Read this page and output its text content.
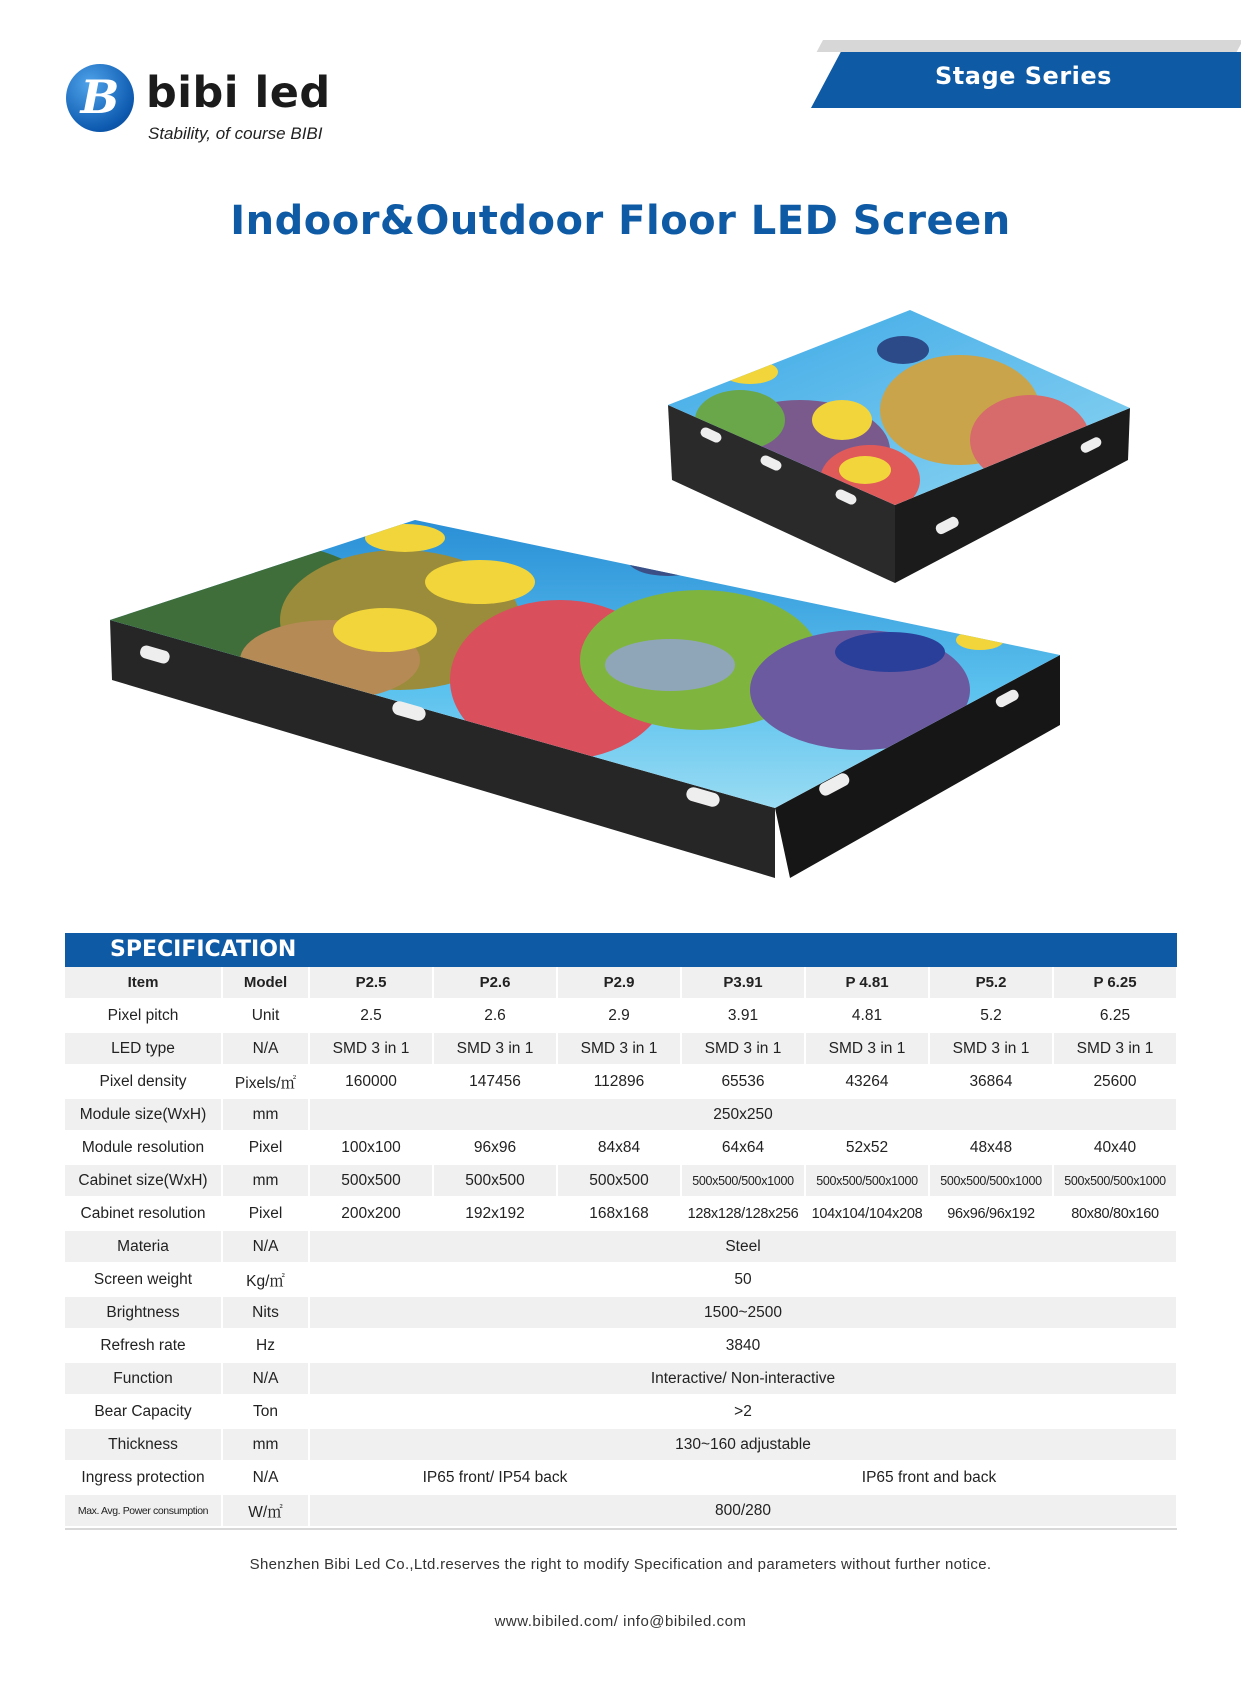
B bibi led
Stability, of course BIBI
Stage Series
Indoor&Outdoor Floor LED Screen
SPECIFICATION
Item	Model	P2.5	P2.6	P2.9	P3.91	P 4.81	P5.2	P 6.25
Pixel pitch	Unit	2.5	2.6	2.9	3.91	4.81	5.2	6.25
LED type	N/A	SMD 3 in 1	SMD 3 in 1	SMD 3 in 1	SMD 3 in 1	SMD 3 in 1	SMD 3 in 1	SMD 3 in 1
Pixel density	Pixels/㎡	160000	147456	112896	65536	43264	36864	25600
Module size(WxH)	mm	250x250						
Module resolution	Pixel	100x100	96x96	84x84	64x64	52x52	48x48	40x40
Cabinet size(WxH)	mm	500x500	500x500	500x500	500x500/500x1000	500x500/500x1000	500x500/500x1000	500x500/500x1000
Cabinet resolution	Pixel	200x200	192x192	168x168	128x128/128x256	104x104/104x208	96x96/96x192	80x80/80x160
Materia	N/A	Steel						
Screen weight	Kg/㎡	50						
Brightness	Nits	1500~2500						
Refresh rate	Hz	3840						
Function	N/A	Interactive/ Non-interactive						
Bear Capacity	Ton	>2						
Thickness	mm	130~160 adjustable						
Ingress protection	N/A	IP65 front/ IP54 back			IP65 front and back			
Max. Avg. Power consumption	W/㎡	800/280						
Shenzhen Bibi Led Co.,Ltd.reserves the right to modify Specification and parameters without further notice.
www.bibiled.com/ info@bibiled.com
